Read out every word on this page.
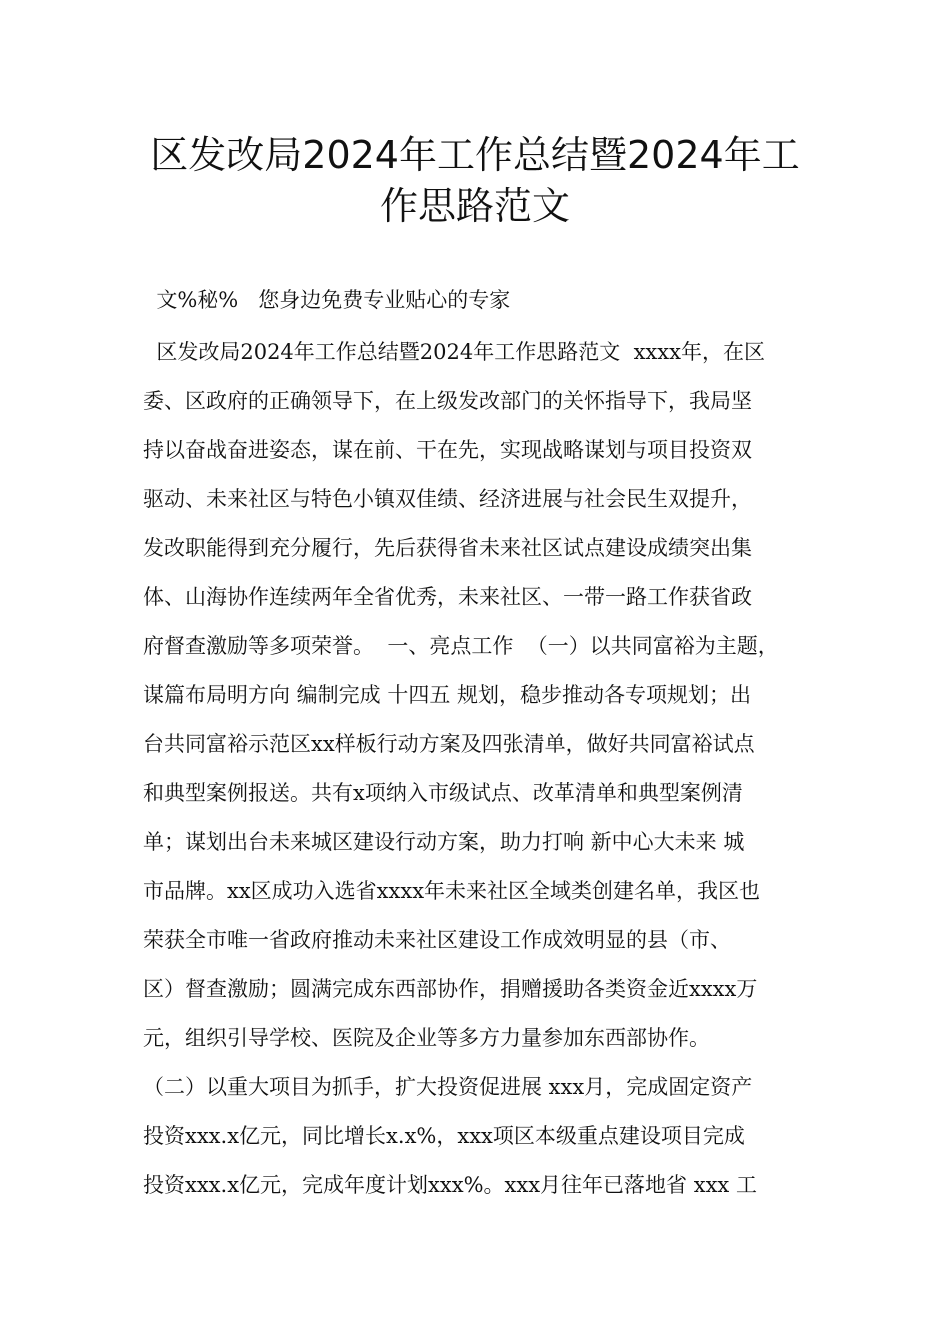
区发改局2024年工作总结暨2024年工
作思路范文
文%秘%   您身边免费专业贴心的专家
区发改局2024年工作总结暨2024年工作思路范文  xxxx年，在区
委、区政府的正确领导下，在上级发改部门的关怀指导下，我局坚
持以奋战奋进姿态，谋在前、干在先，实现战略谋划与项目投资双
驱动、未来社区与特色小镇双佳绩、经济进展与社会民生双提升，
发改职能得到充分履行，先后获得省未来社区试点建设成绩突出集
体、山海协作连续两年全省优秀，未来社区、一带一路工作获省政
府督查激励等多项荣誉。  一、亮点工作  （一）以共同富裕为主题，
谋篇布局明方向 编制完成 十四五 规划，稳步推动各专项规划；出
台共同富裕示范区xx样板行动方案及四张清单，做好共同富裕试点
和典型案例报送。共有x项纳入市级试点、改革清单和典型案例清
单；谋划出台未来城区建设行动方案，助力打响 新中心大未来 城
市品牌。xx区成功入选省xxxx年未来社区全域类创建名单，我区也
荣获全市唯一省政府推动未来社区建设工作成效明显的县（市、
区）督查激励；圆满完成东西部协作，捐赠援助各类资金近xxxx万
元，组织引导学校、医院及企业等多方力量参加东西部协作。
（二）以重大项目为抓手，扩大投资促进展 xxx月，完成固定资产
投资xxx.x亿元，同比增长x.x%，xxx项区本级重点建设项目完成
投资xxx.x亿元，完成年度计划xxx%。xxx月往年已落地省 xxx 工
